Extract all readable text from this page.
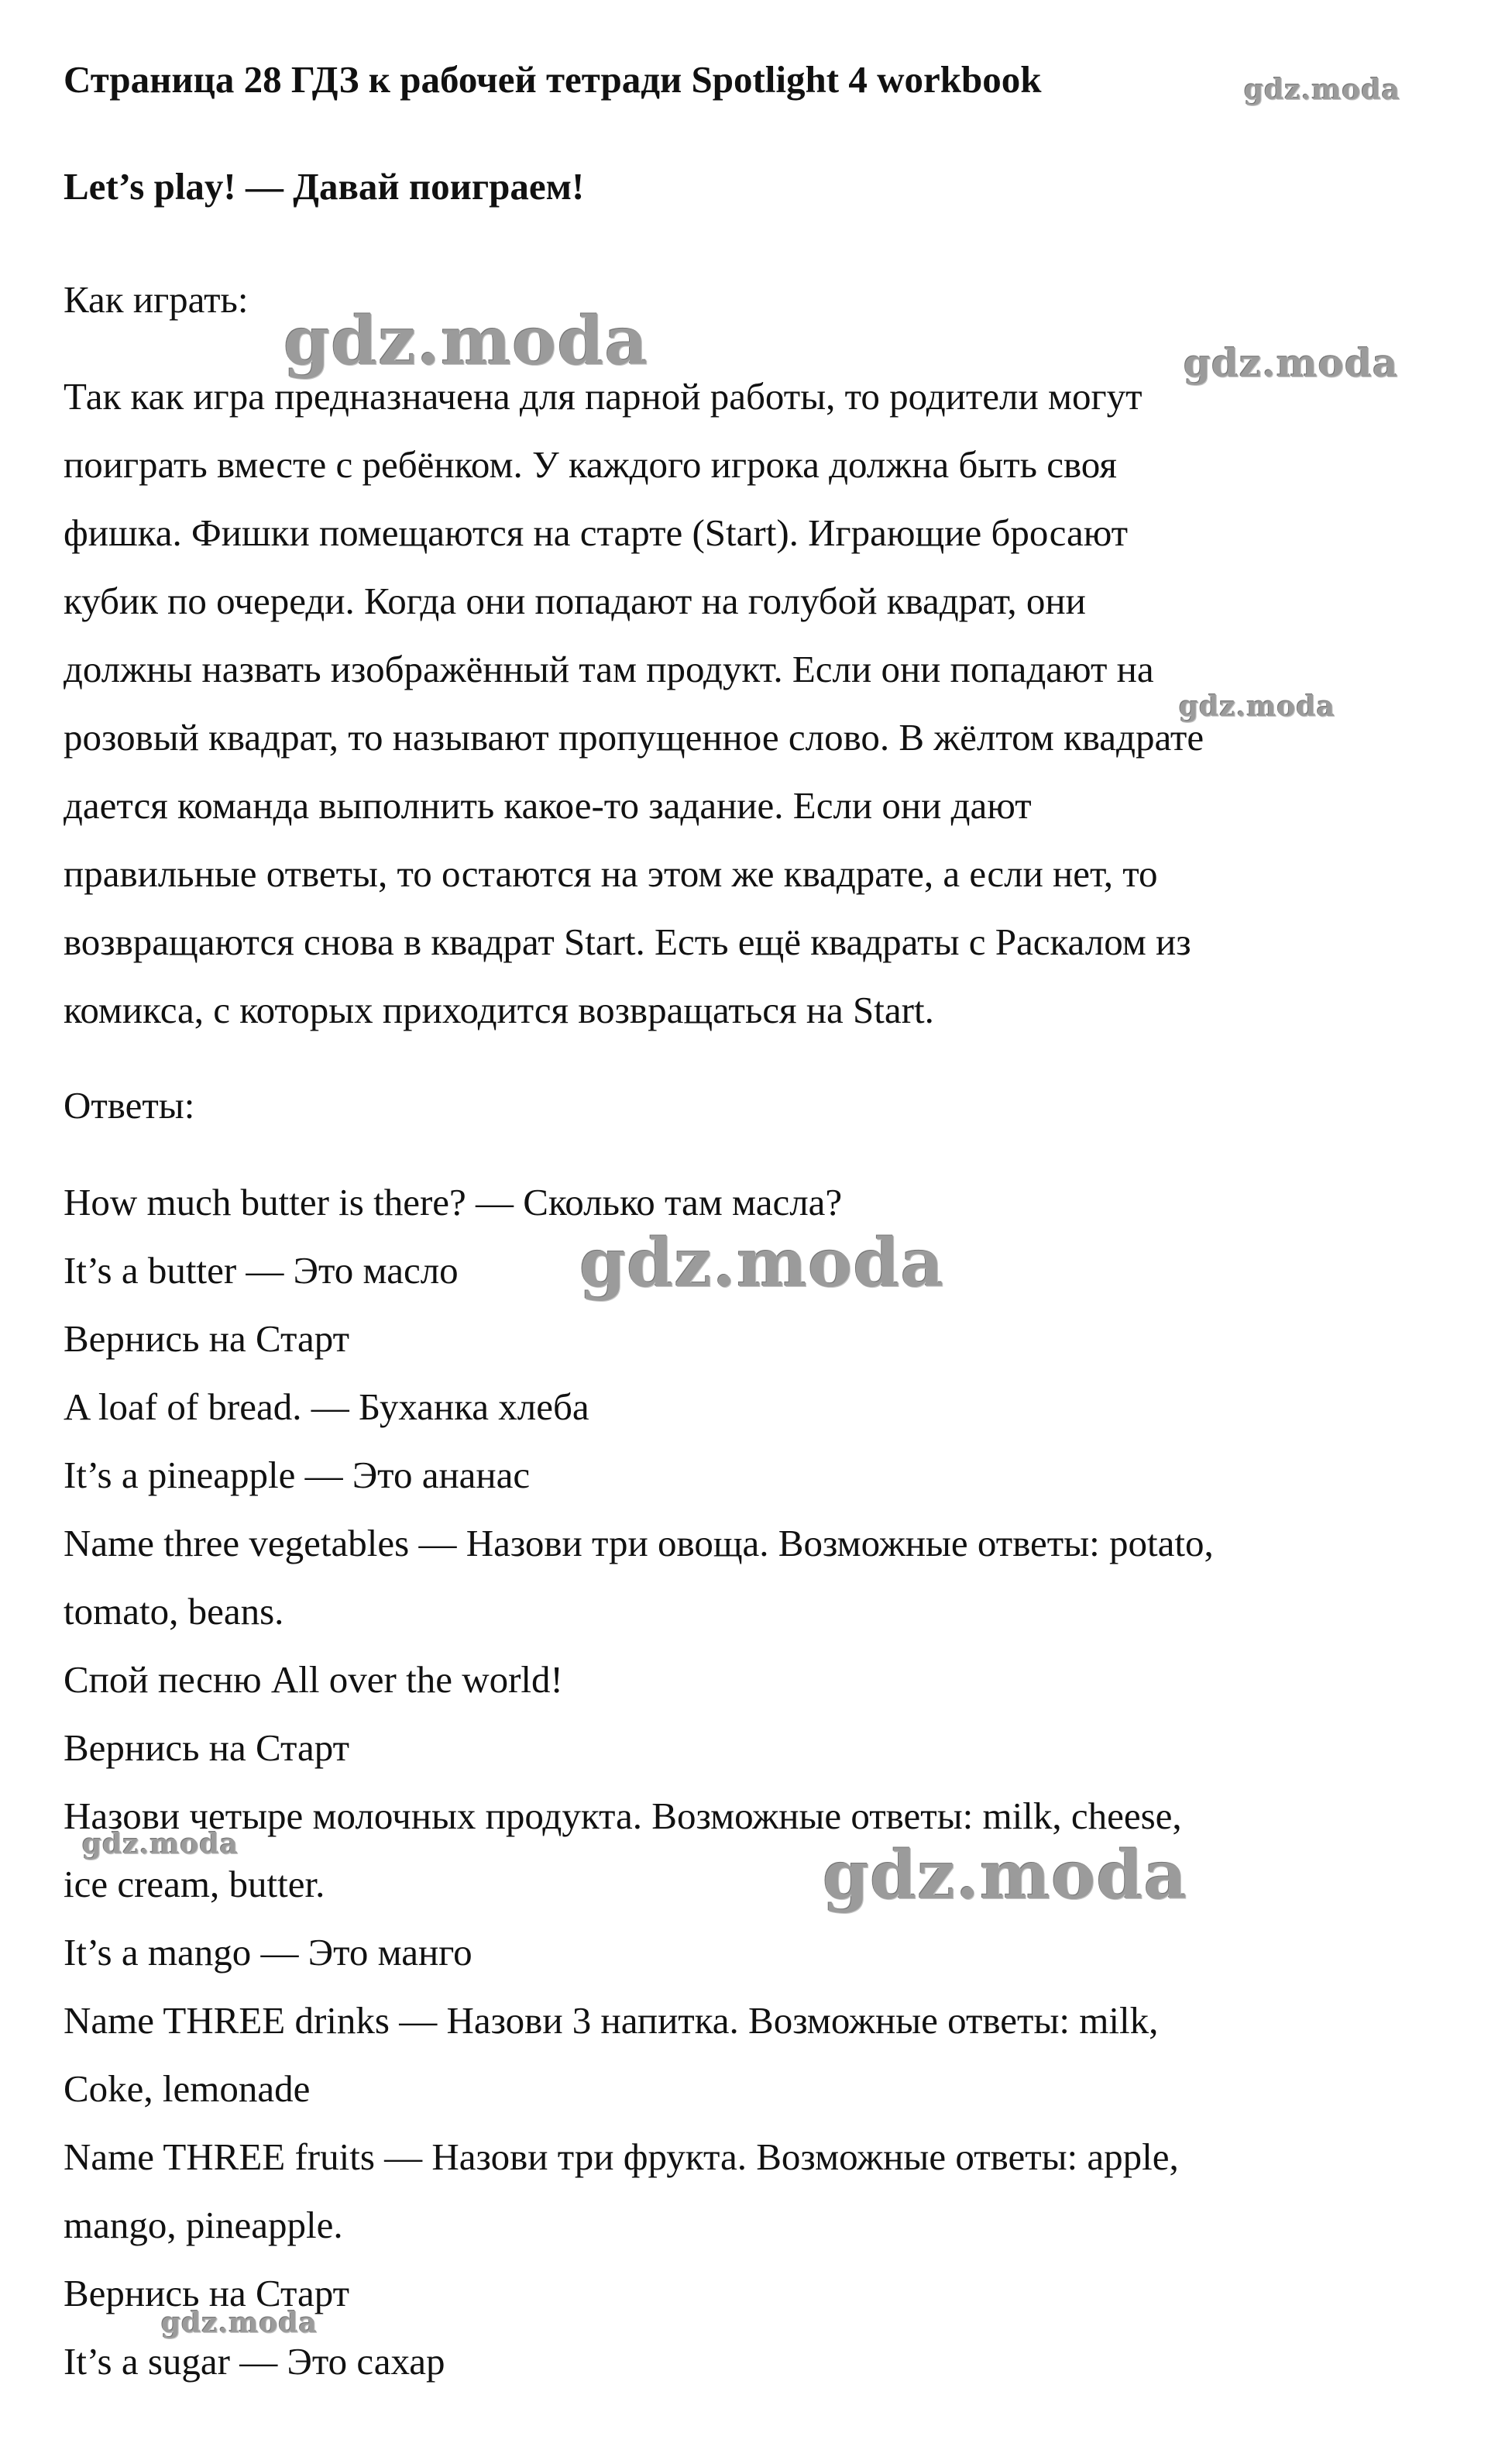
Страница 28 ГДЗ к рабочей тетради Spotlight 4 workbook
Let’s play! — Давай поиграем!
Как играть:
Так как игра предназначена для парной работы, то родители могут
поиграть вместе с ребёнком. У каждого игрока должна быть своя
фишка. Фишки помещаются на старте (Start). Играющие бросают
кубик по очереди. Когда они попадают на голубой квадрат, они
должны назвать изображённый там продукт. Если они попадают на
розовый квадрат, то называют пропущенное слово. В жёлтом квадрате
дается команда выполнить какое-то задание. Если они дают
правильные ответы, то остаются на этом же квадрате, а если нет, то
возвращаются снова в квадрат Start. Есть ещё квадраты с Раскалом из
комикса, с которых приходится возвращаться на Start.
Ответы:
How much butter is there? — Сколько там масла?
It’s a butter — Это масло
Вернись на Старт
A loaf of bread. — Буханка хлеба
It’s a pineapple — Это ананас
Name three vegetables — Назови три овоща. Возможные ответы: potato,
tomato, beans.
Спой песню All over the world!
Вернись на Старт
Назови четыре молочных продукта. Возможные ответы: milk, cheese,
ice cream, butter.
It’s a mango — Это манго
Name THREE drinks — Назови 3 напитка. Возможные ответы: milk,
Coke, lemonade
Name THREE fruits — Назови три фрукта. Возможные ответы: apple,
mango, pineapple.
Вернись на Старт
It’s a sugar — Это сахар
gdz.moda
gdz.moda	gdz.moda
gdz.moda
gdz.moda
gdz.moda	gdz.moda
gdz.moda
